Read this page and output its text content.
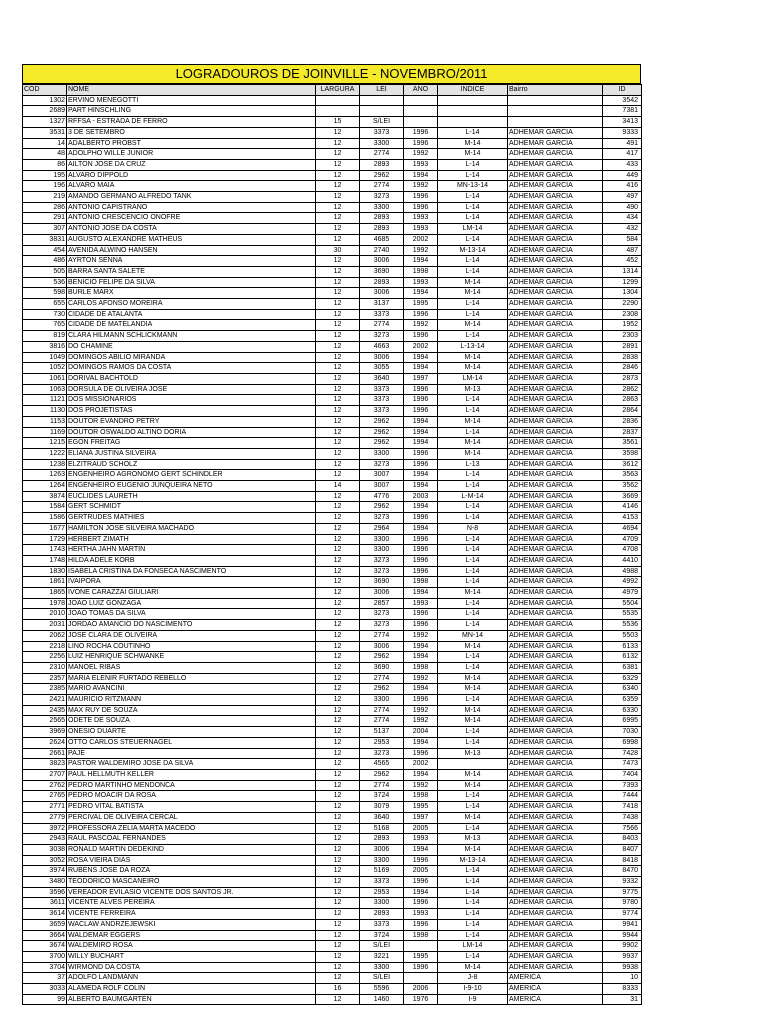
LOGRADOUROS DE JOINVILLE - NOVEMBRO/2011
COD	NOME	LARGURA	LEI	ANO	INDICE	Bairro	ID
1302	ERVINO MENEGOTTI						3542
2689	PART HINSCHLING						7381
1327	RFFSA - ESTRADA DE FERRO	15	S/LEI				3413
3531	3 DE SETEMBRO	12	3373	1996	L-14	ADHEMAR GARCIA	9333
14	ADALBERTO PROBST	12	3300	1996	M-14	ADHEMAR GARCIA	491
48	ADOLPHO WILLE JUNIOR	12	2774	1992	M-14	ADHEMAR GARCIA	417
86	AILTON JOSE DA CRUZ	12	2893	1993	L-14	ADHEMAR GARCIA	433
195	ALVARO DIPPOLD	12	2962	1994	L-14	ADHEMAR GARCIA	449
196	ALVARO MAIA	12	2774	1992	MN-13-14	ADHEMAR GARCIA	416
219	AMANDO GERMANO ALFREDO TANK	12	3273	1996	L-14	ADHEMAR GARCIA	497
286	ANTONIO CAPISTRANO	12	3300	1996	L-14	ADHEMAR GARCIA	490
291	ANTONIO CRESCENCIO ONOFRE	12	2893	1993	L-14	ADHEMAR GARCIA	434
307	ANTONIO JOSE DA COSTA	12	2893	1993	LM-14	ADHEMAR GARCIA	432
3831	AUGUSTO ALEXANDRE MATHEUS	12	4685	2002	L-14	ADHEMAR GARCIA	584
454	AVENIDA ALWINO HANSEN	30	2740	1992	M-13-14	ADHEMAR GARCIA	487
486	AYRTON SENNA	12	3006	1994	L-14	ADHEMAR GARCIA	452
505	BARRA SANTA SALETE	12	3690	1998	L-14	ADHEMAR GARCIA	1314
536	BENICIO FELIPE DA SILVA	12	2893	1993	M-14	ADHEMAR GARCIA	1299
598	BURLE MARX	12	3006	1994	M-14	ADHEMAR GARCIA	1304
655	CARLOS AFONSO MOREIRA	12	3137	1995	L-14	ADHEMAR GARCIA	2290
730	CIDADE DE ATALANTA	12	3373	1996	L-14	ADHEMAR GARCIA	2308
765	CIDADE DE MATELANDIA	12	2774	1992	M-14	ADHEMAR GARCIA	1952
819	CLARA HILMANN SCHLICKMANN	12	3273	1996	L-14	ADHEMAR GARCIA	2303
3816	DO CHAMINE	12	4663	2002	L-13-14	ADHEMAR GARCIA	2891
1049	DOMINGOS ABILIO MIRANDA	12	3006	1994	M-14	ADHEMAR GARCIA	2838
1052	DOMINGOS RAMOS DA COSTA	12	3055	1994	M-14	ADHEMAR GARCIA	2846
1061	DORIVAL BACHTOLD	12	3640	1997	LM-14	ADHEMAR GARCIA	2873
1063	DORSULA DE OLIVEIRA JOSE	12	3373	1996	M-13	ADHEMAR GARCIA	2862
1121	DOS MISSIONARIOS	12	3373	1996	L-14	ADHEMAR GARCIA	2863
1130	DOS PROJETISTAS	12	3373	1996	L-14	ADHEMAR GARCIA	2864
1153	DOUTOR EVANDRO PETRY	12	2962	1994	M-14	ADHEMAR GARCIA	2836
1169	DOUTOR OSWALDO ALTINO DORIA	12	2962	1994	L-14	ADHEMAR GARCIA	2837
1215	EGON FREITAG	12	2962	1994	M-14	ADHEMAR GARCIA	3561
1222	ELIANA JUSTINA SILVEIRA	12	3300	1996	M-14	ADHEMAR GARCIA	3598
1238	ELZITRAUD SCHOLZ	12	3273	1996	L-13	ADHEMAR GARCIA	3612
1263	ENGENHEIRO AGRONOMO GERT SCHINDLER	12	3007	1994	L-14	ADHEMAR GARCIA	3563
1264	ENGENHEIRO EUGENIO JUNQUEIRA NETO	14	3007	1994	L-14	ADHEMAR GARCIA	3562
3874	EUCLIDES LAURETH	12	4776	2003	L-M-14	ADHEMAR GARCIA	3669
1584	GERT SCHMIDT	12	2962	1994	L-14	ADHEMAR GARCIA	4146
1586	GERTRUDES MATHIES	12	3273	1996	L-14	ADHEMAR GARCIA	4153
1677	HAMILTON JOSE SILVEIRA MACHADO	12	2964	1994	N-8	ADHEMAR GARCIA	4694
1729	HERBERT ZIMATH	12	3300	1996	L-14	ADHEMAR GARCIA	4709
1743	HERTHA JAHN MARTIN	12	3300	1996	L-14	ADHEMAR GARCIA	4708
1748	HILDA ADELE KORB	12	3273	1996	L-14	ADHEMAR GARCIA	4410
1830	ISABELA CRISTINA DA FONSECA NASCIMENTO	12	3273	1996	L-14	ADHEMAR GARCIA	4988
1861	IVAIPORA	12	3690	1998	L-14	ADHEMAR GARCIA	4992
1865	IVONE CARAZZAI GIULIARI	12	3006	1994	M-14	ADHEMAR GARCIA	4979
1978	JOAO LUIZ GONZAGA	12	2857	1993	L-14	ADHEMAR GARCIA	5504
2010	JOAO TOMAS DA SILVA	12	3273	1996	L-14	ADHEMAR GARCIA	5535
2031	JORDAO AMANCIO DO NASCIMENTO	12	3273	1996	L-14	ADHEMAR GARCIA	5536
2062	JOSE CLARA DE OLIVEIRA	12	2774	1992	MN-14	ADHEMAR GARCIA	5503
2218	LINO ROCHA COUTINHO	12	3006	1994	M-14	ADHEMAR GARCIA	6133
2256	LUIZ HENRIQUE SCHWANKE	12	2962	1994	L-14	ADHEMAR GARCIA	6132
2310	MANOEL RIBAS	12	3690	1998	L-14	ADHEMAR GARCIA	6381
2357	MARIA ELENIR FURTADO REBELLO	12	2774	1992	M-14	ADHEMAR GARCIA	6329
2385	MARIO AVANCINI	12	2962	1994	M-14	ADHEMAR GARCIA	6340
2421	MAURICIO RITZMANN	12	3300	1996	L-14	ADHEMAR GARCIA	6359
2435	MAX RUY DE SOUZA	12	2774	1992	M-14	ADHEMAR GARCIA	6330
2565	ODETE DE SOUZA	12	2774	1992	M-14	ADHEMAR GARCIA	6995
3969	ONESIO DUARTE	12	5137	2004	L-14	ADHEMAR GARCIA	7030
2624	OTTO CARLOS STEUERNAGEL	12	2953	1994	L-14	ADHEMAR GARCIA	6998
2661	PAJE	12	3273	1996	M-13	ADHEMAR GARCIA	7428
3823	PASTOR WALDEMIRO JOSE DA SILVA	12	4565	2002		ADHEMAR GARCIA	7473
2707	PAUL HELLMUTH KELLER	12	2962	1994	M-14	ADHEMAR GARCIA	7404
2762	PEDRO MARTINHO MENDONCA	12	2774	1992	M-14	ADHEMAR GARCIA	7393
2765	PEDRO MOACIR DA ROSA	12	3724	1998	L-14	ADHEMAR GARCIA	7444
2771	PEDRO VITAL BATISTA	12	3079	1995	L-14	ADHEMAR GARCIA	7418
2779	PERCIVAL DE OLIVEIRA CERCAL	12	3640	1997	M-14	ADHEMAR GARCIA	7438
3972	PROFESSORA ZELIA MARTA MACEDO	12	5168	2005	L-14	ADHEMAR GARCIA	7566
2943	RAUL PASCOAL FERNANDES	12	2893	1993	M-13	ADHEMAR GARCIA	8403
3038	RONALD MARTIN DEDEKIND	12	3006	1994	M-14	ADHEMAR GARCIA	8407
3052	ROSA VIEIRA DIAS	12	3300	1996	M-13-14	ADHEMAR GARCIA	8418
3974	RUBENS JOSE DA ROZA	12	5169	2005	L-14	ADHEMAR GARCIA	8470
3480	TEODORICO MASCANEIRO	12	3373	1996	L-14	ADHEMAR GARCIA	9332
3596	VEREADOR EVILASIO VICENTE DOS SANTOS JR.	12	2953	1994	L-14	ADHEMAR GARCIA	9775
3611	VICENTE ALVES PEREIRA	12	3300	1996	L-14	ADHEMAR GARCIA	9780
3614	VICENTE FERREIRA	12	2893	1993	L-14	ADHEMAR GARCIA	9774
3659	WACLAW ANDRZEJEWSKI	12	3373	1996	L-14	ADHEMAR GARCIA	9941
3664	WALDEMAR EGGERS	12	3724	1998	L-14	ADHEMAR GARCIA	9944
3674	WALDEMIRO ROSA	12	S/LEI		LM-14	ADHEMAR GARCIA	9902
3700	WILLY BUCHART	12	3221	1995	L-14	ADHEMAR GARCIA	9937
3704	WIRMOND DA COSTA	12	3300	1996	M-14	ADHEMAR GARCIA	9938
37	ADOLFO LANDMANN	12	S/LEI		J-8	AMERICA	10
3033	ALAMEDA ROLF COLIN	16	5596	2006	I-9-10	AMERICA	8333
99	ALBERTO BAUMGARTEN	12	1460	1976	I-9	AMERICA	31
